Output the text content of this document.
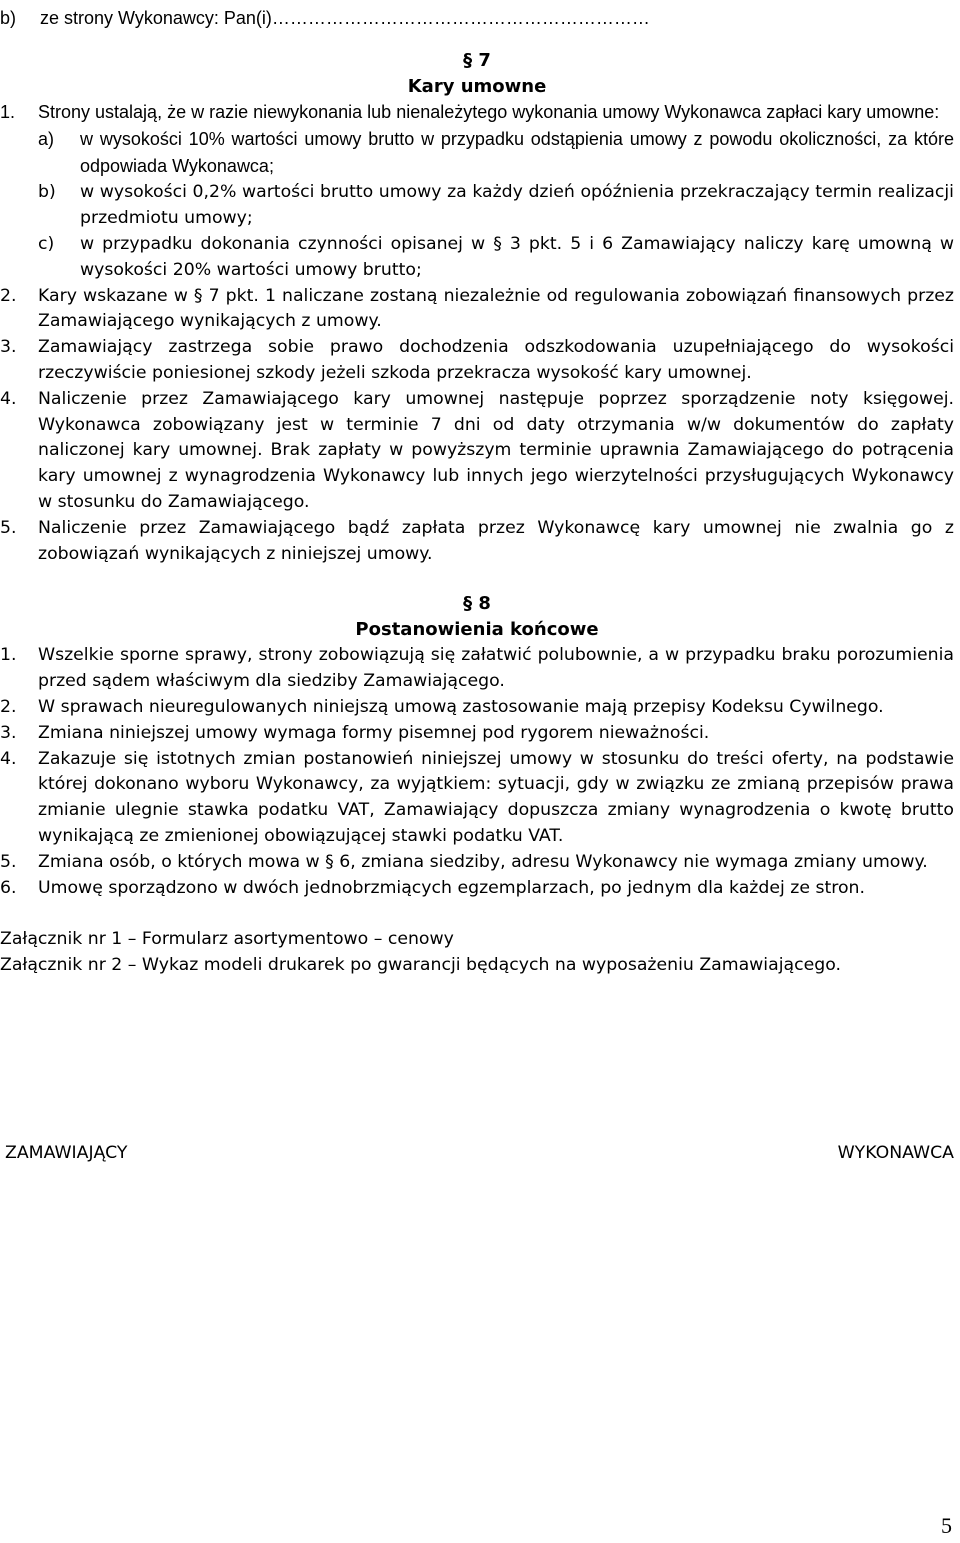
b)	ze strony Wykonawcy: Pan(i)………………………………………………………
§ 7
Kary umowne
1. Strony ustalają, że w razie niewykonania lub nienależytego wykonania umowy Wykonawca zapłaci kary umowne:
a) w wysokości 10% wartości umowy brutto w przypadku odstąpienia umowy z powodu okoliczności, za które odpowiada Wykonawca;
b) w wysokości 0,2% wartości brutto umowy za każdy dzień opóźnienia przekraczający termin realizacji przedmiotu umowy;
c) w przypadku dokonania czynności opisanej w § 3 pkt. 5 i 6 Zamawiający naliczy karę umowną w wysokości 20% wartości umowy brutto;
2. Kary wskazane w § 7 pkt. 1 naliczane zostaną niezależnie od regulowania zobowiązań finansowych przez Zamawiającego wynikających z umowy.
3. Zamawiający zastrzega sobie prawo dochodzenia odszkodowania uzupełniającego do wysokości rzeczywiście poniesionej szkody jeżeli szkoda przekracza wysokość kary umownej.
4. Naliczenie przez Zamawiającego kary umownej następuje poprzez sporządzenie noty księgowej. Wykonawca zobowiązany jest w terminie 7 dni od daty otrzymania w/w dokumentów do zapłaty naliczonej kary umownej. Brak zapłaty w powyższym terminie uprawnia Zamawiającego do potrącenia kary umownej z wynagrodzenia Wykonawcy lub innych jego wierzytelności przysługujących Wykonawcy w stosunku do Zamawiającego.
5. Naliczenie przez Zamawiającego bądź zapłata przez Wykonawcę kary umownej nie zwalnia go z zobowiązań wynikających z niniejszej umowy.
§ 8
Postanowienia końcowe
1. Wszelkie sporne sprawy, strony zobowiązują się załatwić polubownie, a w przypadku braku porozumienia przed sądem właściwym dla siedziby Zamawiającego.
2. W sprawach nieuregulowanych niniejszą umową zastosowanie mają przepisy Kodeksu Cywilnego.
3. Zmiana niniejszej umowy wymaga formy pisemnej pod rygorem nieważności.
4. Zakazuje się istotnych zmian postanowień niniejszej umowy w stosunku do treści oferty, na podstawie której dokonano wyboru Wykonawcy, za wyjątkiem: sytuacji, gdy w związku ze zmianą przepisów prawa zmianie ulegnie stawka podatku VAT, Zamawiający dopuszcza zmiany wynagrodzenia o kwotę brutto wynikającą ze zmienionej obowiązującej stawki podatku VAT.
5. Zmiana osób, o których mowa w § 6, zmiana siedziby, adresu Wykonawcy nie wymaga zmiany umowy.
6. Umowę sporządzono w dwóch jednobrzmiących egzemplarzach, po jednym dla każdej ze stron.
Załącznik nr 1 – Formularz asortymentowo – cenowy
Załącznik nr 2 – Wykaz modeli drukarek po gwarancji będących na wyposażeniu Zamawiającego.
ZAMAWIAJĄCY	WYKONAWCA
5
